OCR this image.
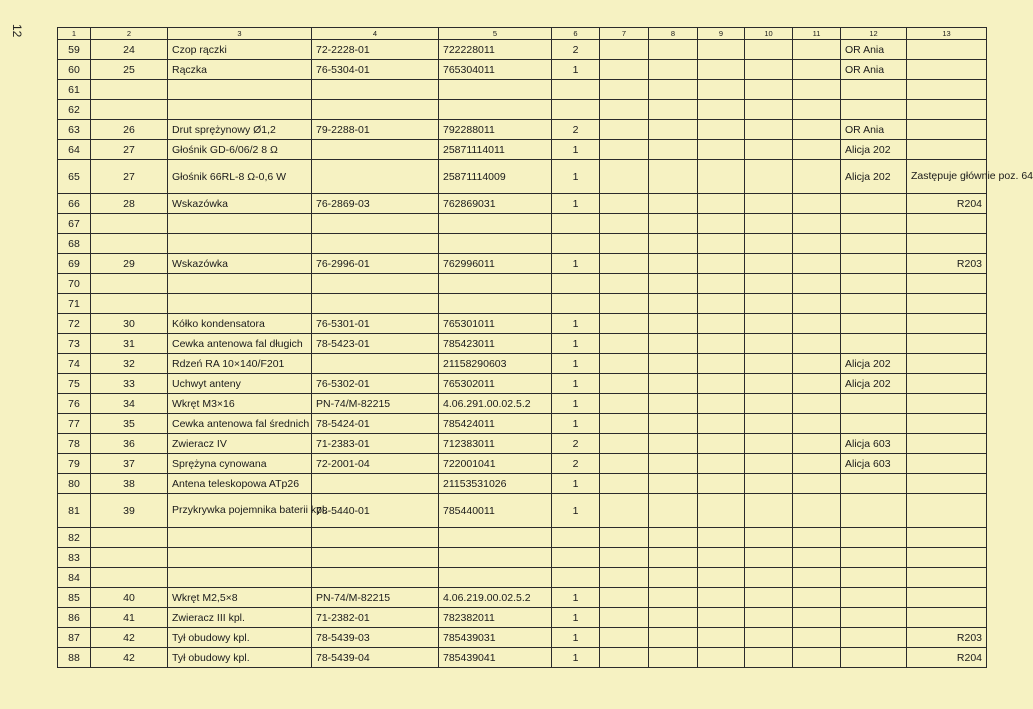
12	1	2	3	4	5	6	7	8	9	10	11	12	13
59	24	Czop rączki	72-2228-01	722228011	2						OR Ania	
60	25	Rączka	76-5304-01	765304011	1						OR Ania	
61												
62												
63	26	Drut sprężynowy Ø1,2	79-2288-01	792288011	2						OR Ania	
64	27	Głośnik GD-6/06/2 8 Ω		25871114011	1						Alicja 202	
65	27	Głośnik 66RL-8 Ω-0,6 W		25871114009	1						Alicja 202	Zastępuje głównie poz. 64
66	28	Wskazówka	76-2869-03	762869031	1							R204
67												
68												
69	29	Wskazówka	76-2996-01	762996011	1							R203
70												
71												
72	30	Kółko kondensatora	76-5301-01	765301011	1							
73	31	Cewka antenowa fal długich	78-5423-01	785423011	1							
74	32	Rdzeń RA 10×140/F201		21158290603	1						Alicja 202	
75	33	Uchwyt anteny	76-5302-01	765302011	1						Alicja 202	
76	34	Wkręt M3×16	PN-74/M-82215	4.06.291.00.02.5.2	1							
77	35	Cewka antenowa fal średnich	78-5424-01	785424011	1							
78	36	Zwieracz IV	71-2383-01	712383011	2						Alicja 603	
79	37	Sprężyna cynowana	72-2001-04	722001041	2						Alicja 603	
80	38	Antena teleskopowa ATp26		21153531026	1							
81	39	Przykrywka pojemnika baterii kpl.	78-5440-01	785440011	1							
82												
83												
84												
85	40	Wkręt M2,5×8	PN-74/M-82215	4.06.219.00.02.5.2	1							
86	41	Zwieracz III kpl.	71-2382-01	782382011	1							
87	42	Tył obudowy kpl.	78-5439-03	785439031	1							R203
88	42	Tył obudowy kpl.	78-5439-04	785439041	1							R204
